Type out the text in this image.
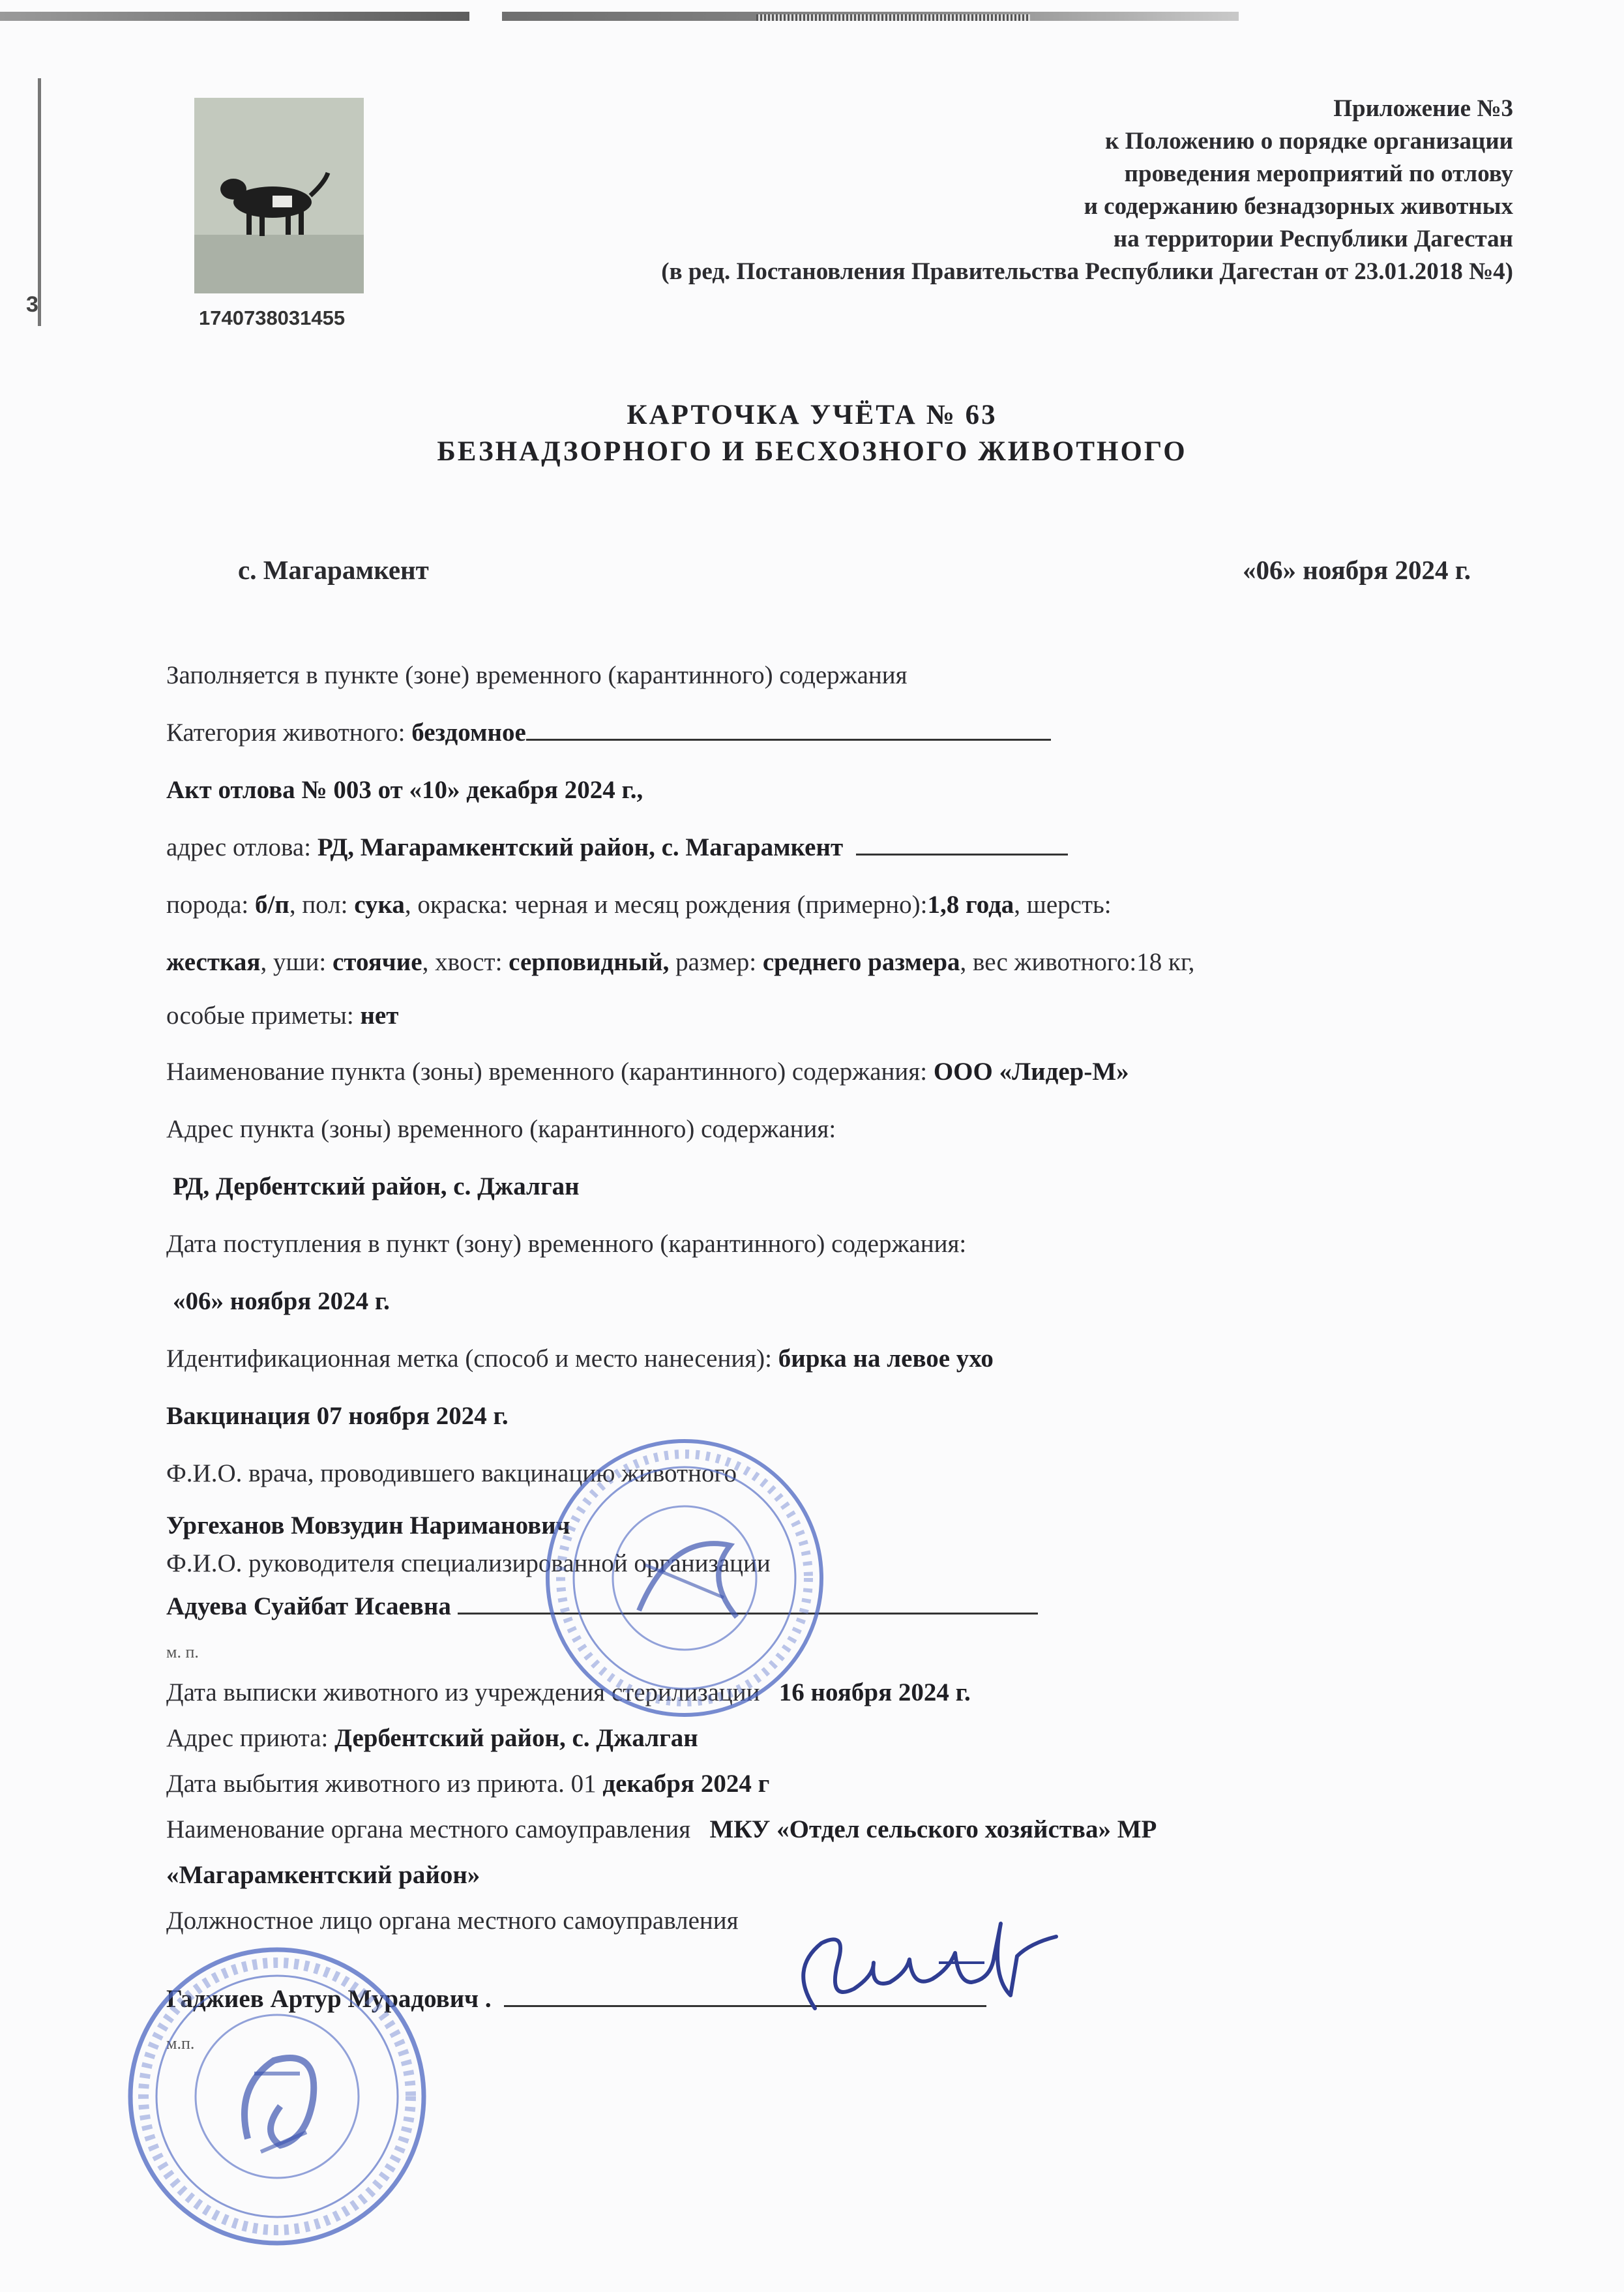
3
1740738031455
Приложение №3
к Положению о порядке организации
проведения мероприятий по отлову
и содержанию безнадзорных животных
на территории Республики Дагестан
(в ред. Постановления Правительства Республики Дагестан от 23.01.2018 №4)
КАРТОЧКА УЧЁТА № 63
БЕЗНАДЗОРНОГО И БЕСХОЗНОГО ЖИВОТНОГО
с. Магарамкент	«06» ноября 2024 г.
Заполняется в пункте (зоне) временного (карантинного) содержания
Категория животного: бездомное
Акт отлова № 003 от «10» декабря 2024 г.,
адрес отлова: РД, Магарамкентский район, с. Магарамкент
порода: б/п, пол: сука, окраска: черная и месяц рождения (примерно):1,8 года, шерсть:
жесткая, уши: стоячие, хвост: серповидный, размер: среднего размера, вес животного:18 кг,
особые приметы: нет
Наименование пункта (зоны) временного (карантинного) содержания: ООО «Лидер-М»
Адрес пункта (зоны) временного (карантинного) содержания:
РД, Дербентский район, с. Джалган
Дата поступления в пункт (зону) временного (карантинного) содержания:
«06» ноября 2024 г.
Идентификационная метка (способ и место нанесения): бирка на левое ухо
Вакцинация 07 ноября 2024 г.
Ф.И.О. врача, проводившего вакцинацию животного
Ургеханов Мовзудин Нариманович
Ф.И.О. руководителя специализированной организации
Адуева Суайбат Исаевна
м. п.
Дата выписки животного из учреждения стерилизации   16 ноября 2024 г.
Адрес приюта: Дербентский район, с. Джалган
Дата выбытия животного из приюта. 01 декабря 2024 г
Наименование органа местного самоуправления   МКУ «Отдел сельского хозяйства» МР
«Магарамкентский район»
Должностное лицо органа местного самоуправления
Гаджиев Артур Мурадович .
м.п.
